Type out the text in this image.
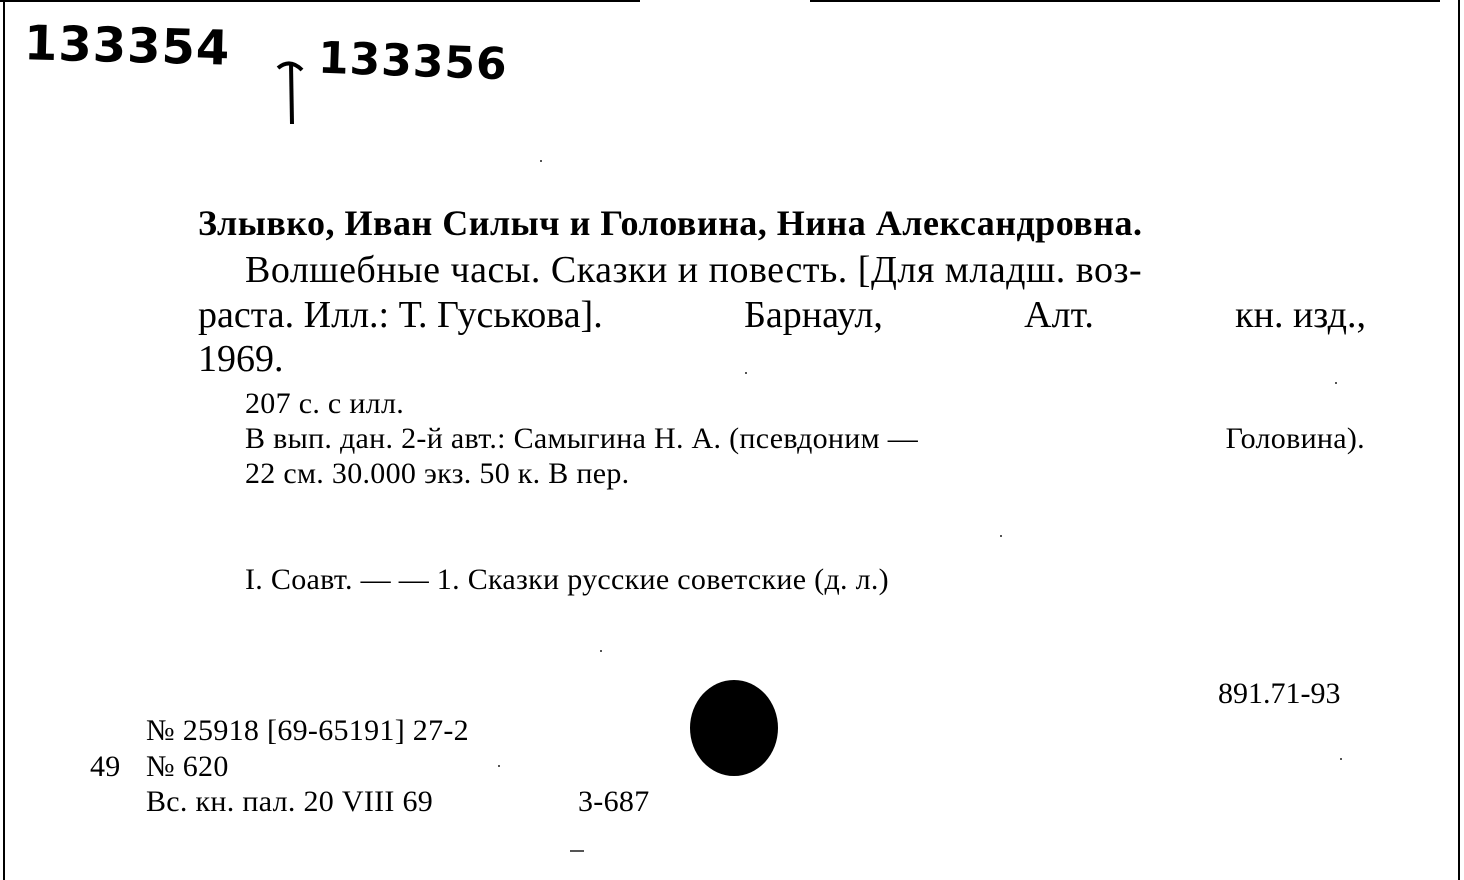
133354 133356
Злывко, Иван Силыч и Головина, Нина Александровна.
Волшебные часы. Сказки и повесть. [Для младш. воз-
раста. Илл.: Т. Гуськова].	Барнаул,	Алт.	кн. изд.,
1969.
207 с. с илл.
В вып. дан. 2-й авт.: Самыгина Н. А. (псевдоним —	Головина).
22 см. 30.000 экз. 50 к. В пер.
I. Соавт. — — 1. Сказки русские советские (д. л.)
891.71-93
№ 25918 [69-65191] 27-2
49 № 620
Вс. кн. пал. 20 VIII 69	3-687
